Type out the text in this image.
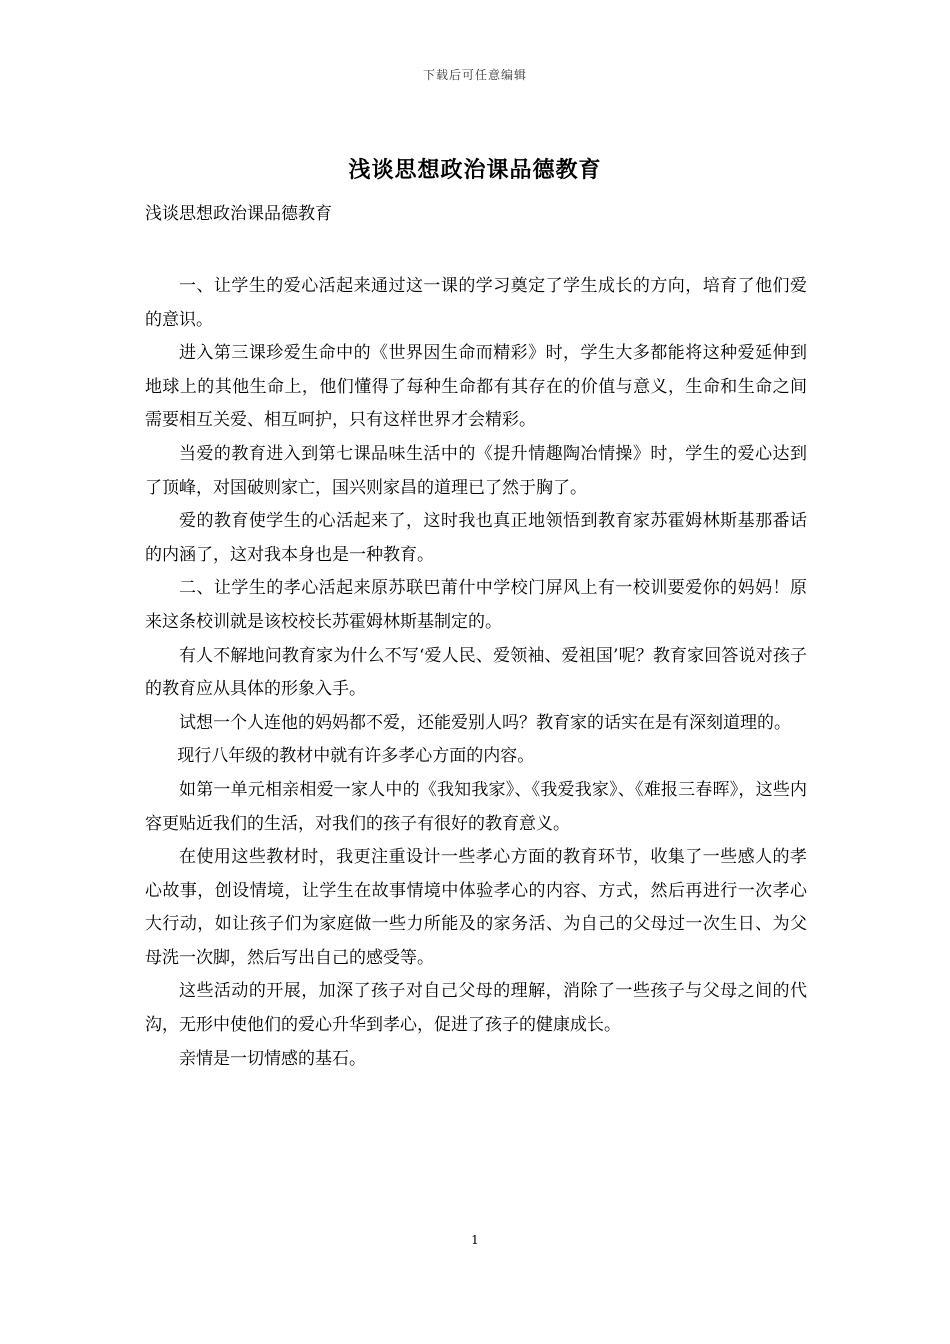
下载后可任意编辑
浅谈思想政治课品德教育

浅谈思想政治课品德教育

一、让学生的爱心活起来通过这一课的学习奠定了学生成长的方向，培育了他们爱的意识。

进入第三课珍爱生命中的《世界因生命而精彩》时，学生大多都能将这种爱延伸到地球上的其他生命上，他们懂得了每种生命都有其存在的价值与意义，生命和生命之间需要相互关爱、相互呵护，只有这样世界才会精彩。

当爱的教育进入到第七课品味生活中的《提升情趣陶冶情操》时，学生的爱心达到了顶峰，对国破则家亡，国兴则家昌的道理已了然于胸了。

爱的教育使学生的心活起来了，这时我也真正地领悟到教育家苏霍姆林斯基那番话的内涵了，这对我本身也是一种教育。

二、让学生的孝心活起来原苏联巴莆什中学校门屏风上有一校训要爱你的妈妈！原来这条校训就是该校校长苏霍姆林斯基制定的。

有人不解地问教育家为什么不写‘爱人民、爱领袖、爱祖国’呢？教育家回答说对孩子的教育应从具体的形象入手。

试想一个人连他的妈妈都不爱，还能爱别人吗？教育家的话实在是有深刻道理的。

现行八年级的教材中就有许多孝心方面的内容。

如第一单元相亲相爱一家人中的《我知我家》、《我爱我家》、《难报三春晖》，这些内容更贴近我们的生活，对我们的孩子有很好的教育意义。

在使用这些教材时，我更注重设计一些孝心方面的教育环节，收集了一些感人的孝心故事，创设情境，让学生在故事情境中体验孝心的内容、方式，然后再进行一次孝心大行动，如让孩子们为家庭做一些力所能及的家务活、为自己的父母过一次生日、为父母洗一次脚，然后写出自己的感受等。

这些活动的开展，加深了孩子对自己父母的理解，消除了一些孩子与父母之间的代沟，无形中使他们的爱心升华到孝心，促进了孩子的健康成长。

亲情是一切情感的基石。

1
